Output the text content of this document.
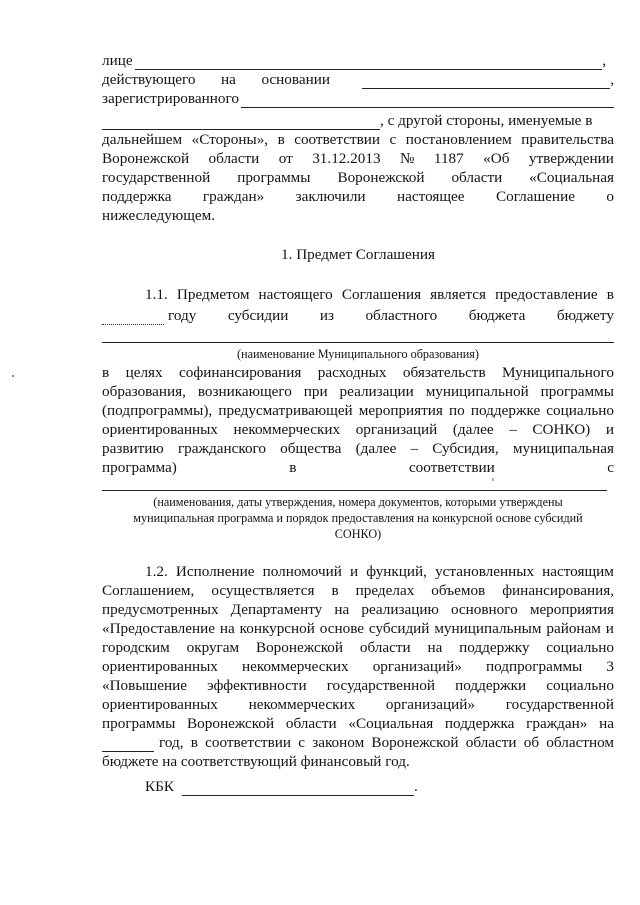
лице	,
действующего на основании	,
зарегистрированного
, с другой стороны, именуемые в
дальнейшем «Стороны», в соответствии с постановлением правительства
Воронежской области от 31.12.2013 № 1187 «Об утверждении
государственной программы Воронежской области «Социальная
поддержка граждан» заключили настоящее Соглашение о
нижеследующем.
1. Предмет Соглашения
1.1. Предметом настоящего Соглашения является предоставление в
году субсидии из областного бюджета бюджету
(наименование Муниципального образования)
в целях софинансирования расходных обязательств Муниципального
образования, возникающего при реализации муниципальной программы
(подпрограммы), предусматривающей мероприятия по поддержке социально
ориентированных некоммерческих организаций (далее – СОНКО) и
развитию гражданского общества (далее – Субсидия, муниципальная
программа)	в	соответствии	с
(наименования, даты утверждения, номера документов, которыми утверждены
муниципальная программа и порядок предоставления на конкурсной основе субсидий
СОНКО)
1.2. Исполнение полномочий и функций, установленных настоящим
Соглашением, осуществляется в пределах объемов финансирования,
предусмотренных Департаменту на реализацию основного мероприятия
«Предоставление на конкурсной основе субсидий муниципальным районам и
городским округам Воронежской области на поддержку социально
ориентированных некоммерческих организаций» подпрограммы 3
«Повышение эффективности государственной поддержки социально
ориентированных некоммерческих организаций» государственной
программы Воронежской области «Социальная поддержка граждан» на
год, в соответствии с законом Воронежской области об областном
бюджете на соответствующий финансовый год.
КБК	.
